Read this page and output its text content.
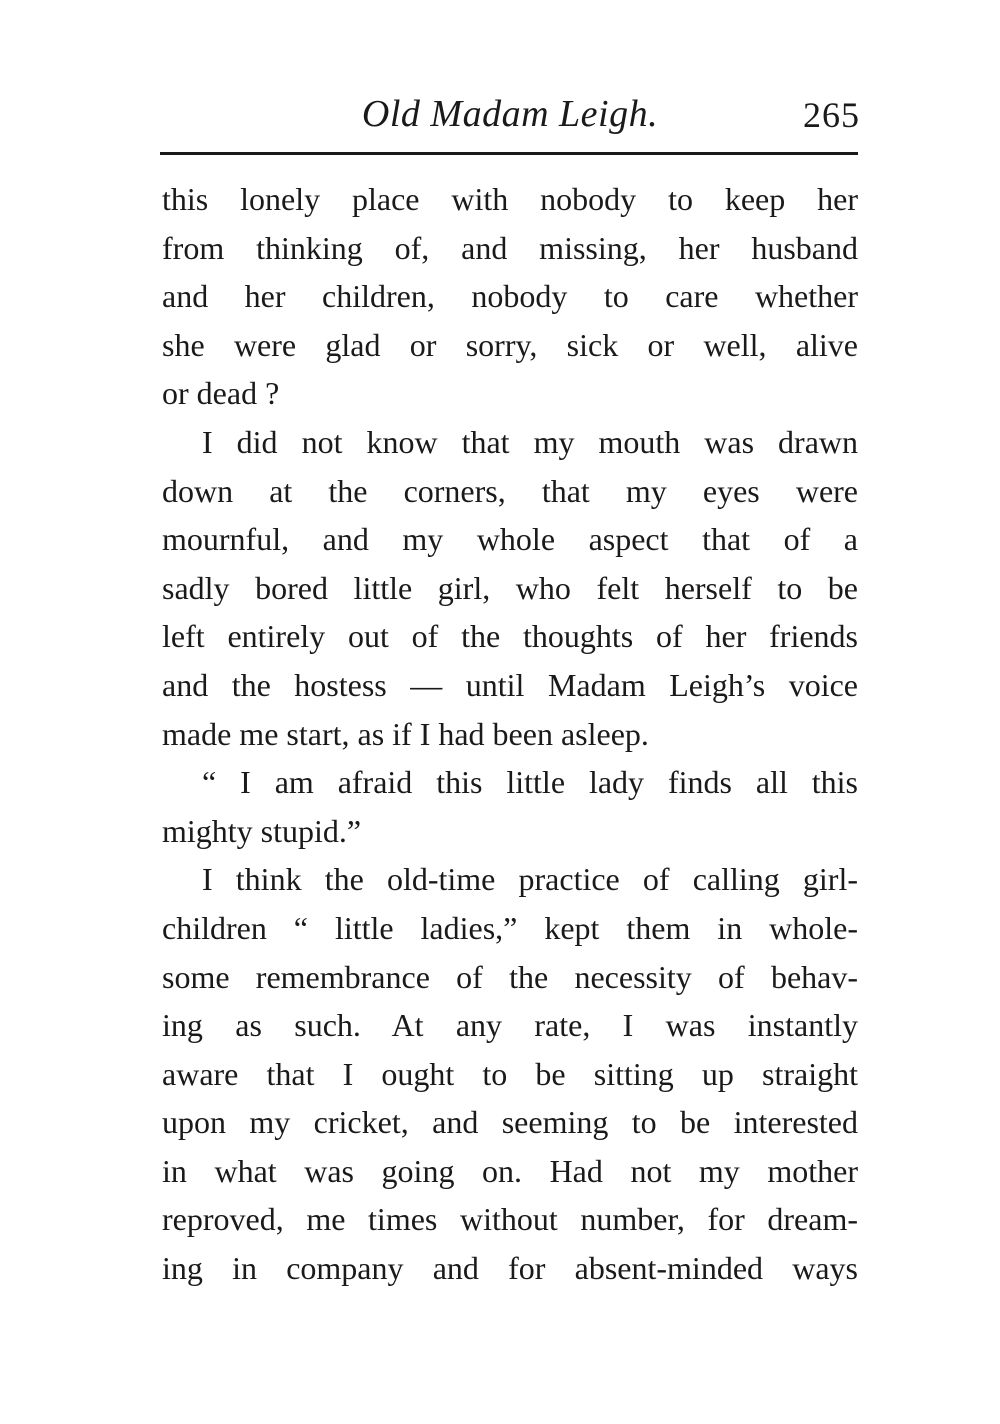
Old Madam Leigh.	265
this lonely place with nobody to keep her
from thinking of, and missing, her husband
and her children, nobody to care whether
she were glad or sorry, sick or well, alive
or dead ?
I did not know that my mouth was drawn
down at the corners, that my eyes were
mournful, and my whole aspect that of a
sadly bored little girl, who felt herself to be
left entirely out of the thoughts of her friends
and the hostess — until Madam Leigh’s voice
made me start, as if I had been asleep.
“ I am afraid this little lady finds all this
mighty stupid.”
I think the old-time practice of calling girl-
children “ little ladies,” kept them in whole-
some remembrance of the necessity of behav-
ing as such. At any rate, I was instantly
aware that I ought to be sitting up straight
upon my cricket, and seeming to be interested
in what was going on. Had not my mother
reproved, me times without number, for dream-
ing in company and for absent-minded ways
